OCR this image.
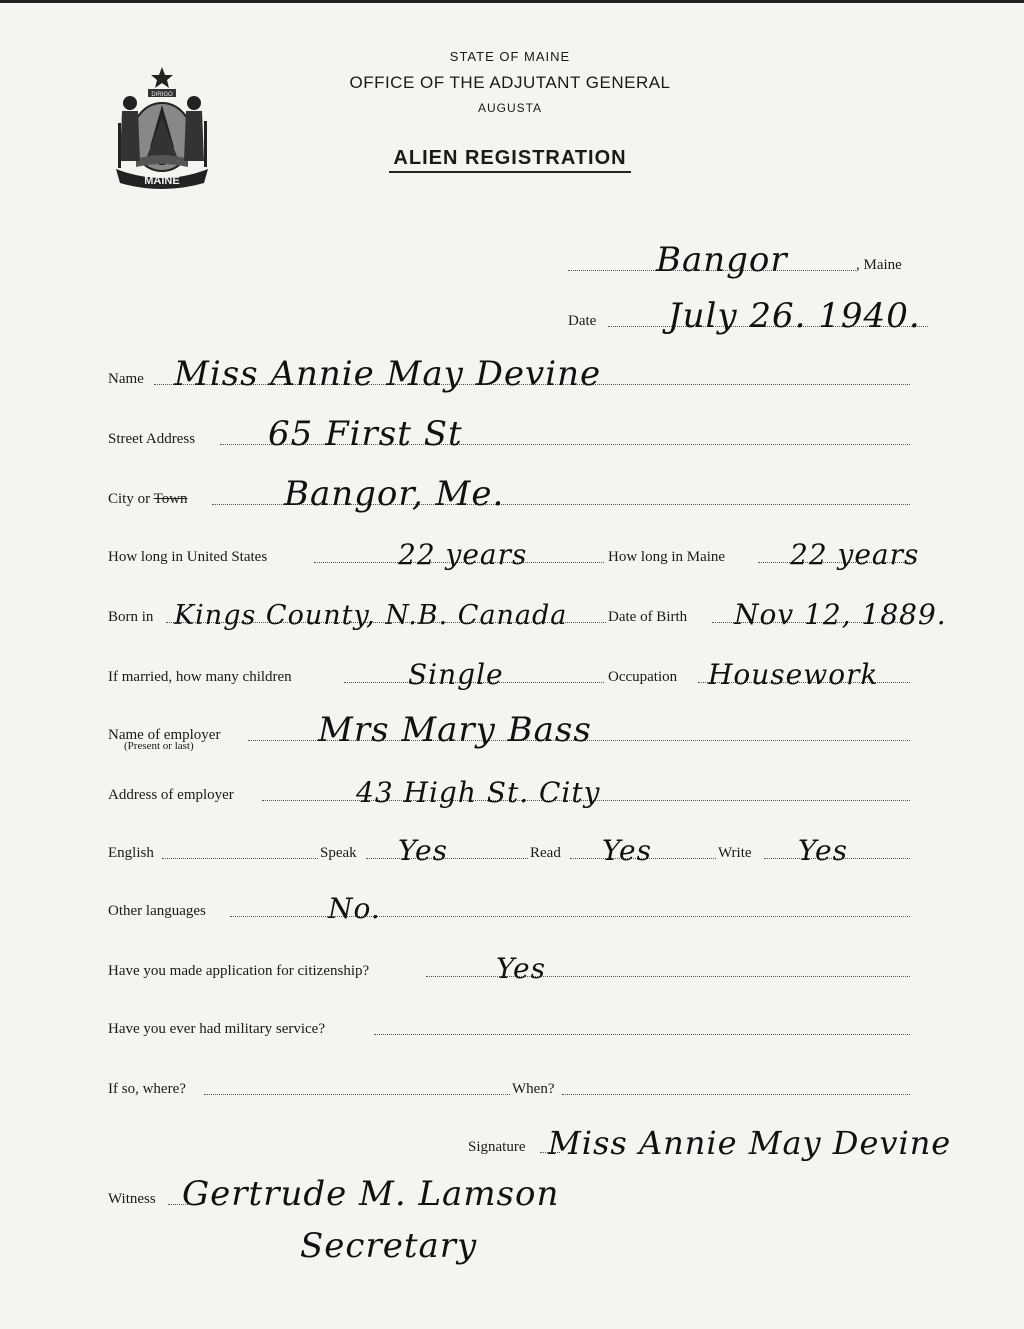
DIRIGO
MAINE
STATE OF MAINE
OFFICE OF THE ADJUTANT GENERAL
AUGUSTA
ALIEN REGISTRATION
Bangor	, Maine
Date July 26. 1940.
Name Miss Annie May Devine
Street Address 65 First St
City or Town	Bangor, Me.
How long in United States	22 years	How long in Maine 22 years
Born in Kings County, N.B. Canada	Date of Birth Nov 12, 1889.
If married, how many children	Single	Occupation Housework
Name of employer	Mrs Mary Bass
(Present or last)
Address of employer	43 High St. City
English	Speak Yes	Read Yes	Write Yes
Other languages	No.
Have you made application for citizenship?	Yes
Have you ever had military service?
If so, where?	When?
Signature Miss Annie May Devine
Witness Gertrude M. Lamson
Secretary
